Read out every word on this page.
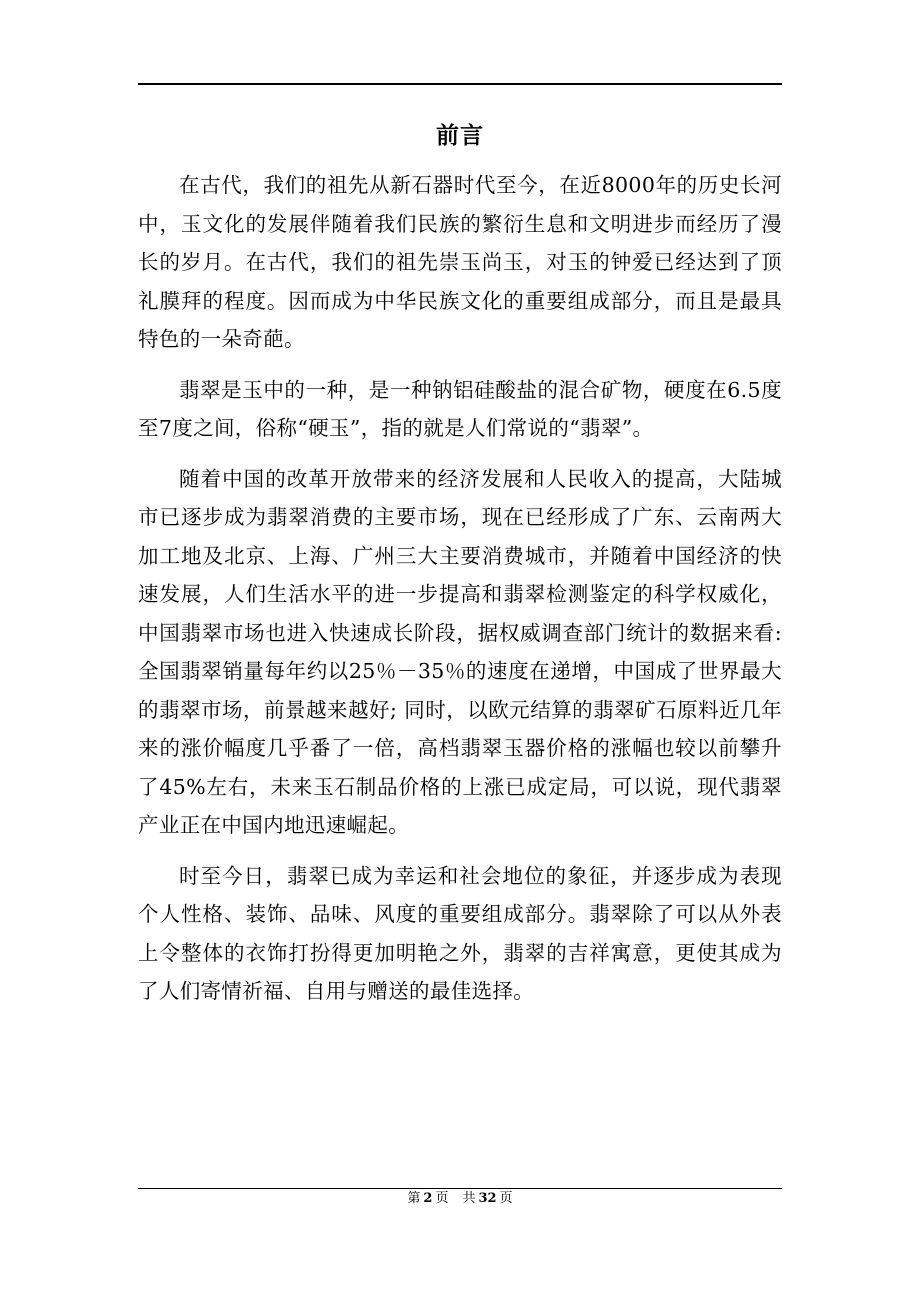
前言

在古代，我们的祖先从新石器时代至今，在近8000年的历史长河中，玉文化的发展伴随着我们民族的繁衍生息和文明进步而经历了漫长的岁月。在古代，我们的祖先崇玉尚玉，对玉的钟爱已经达到了顶礼膜拜的程度。因而成为中华民族文化的重要组成部分，而且是最具特色的一朵奇葩。

翡翠是玉中的一种，是一种钠铝硅酸盐的混合矿物，硬度在6.5度至7度之间，俗称“硬玉”，指的就是人们常说的“翡翠”。

随着中国的改革开放带来的经济发展和人民收入的提高，大陆城市已逐步成为翡翠消费的主要市场，现在已经形成了广东、云南两大加工地及北京、上海、广州三大主要消费城市，并随着中国经济的快速发展，人们生活水平的进一步提高和翡翠检测鉴定的科学权威化，中国翡翠市场也进入快速成长阶段，据权威调查部门统计的数据来看:全国翡翠销量每年约以25％－35％的速度在递增，中国成了世界最大的翡翠市场，前景越来越好; 同时，以欧元结算的翡翠矿石原料近几年来的涨价幅度几乎番了一倍，高档翡翠玉器价格的涨幅也较以前攀升了45%左右，未来玉石制品价格的上涨已成定局，可以说，现代翡翠产业正在中国内地迅速崛起。

时至今日，翡翠已成为幸运和社会地位的象征，并逐步成为表现个人性格、装饰、品味、风度的重要组成部分。翡翠除了可以从外表上令整体的衣饰打扮得更加明艳之外，翡翠的吉祥寓意，更使其成为了人们寄情祈福、自用与赠送的最佳选择。

第 2 页 共 32 页
